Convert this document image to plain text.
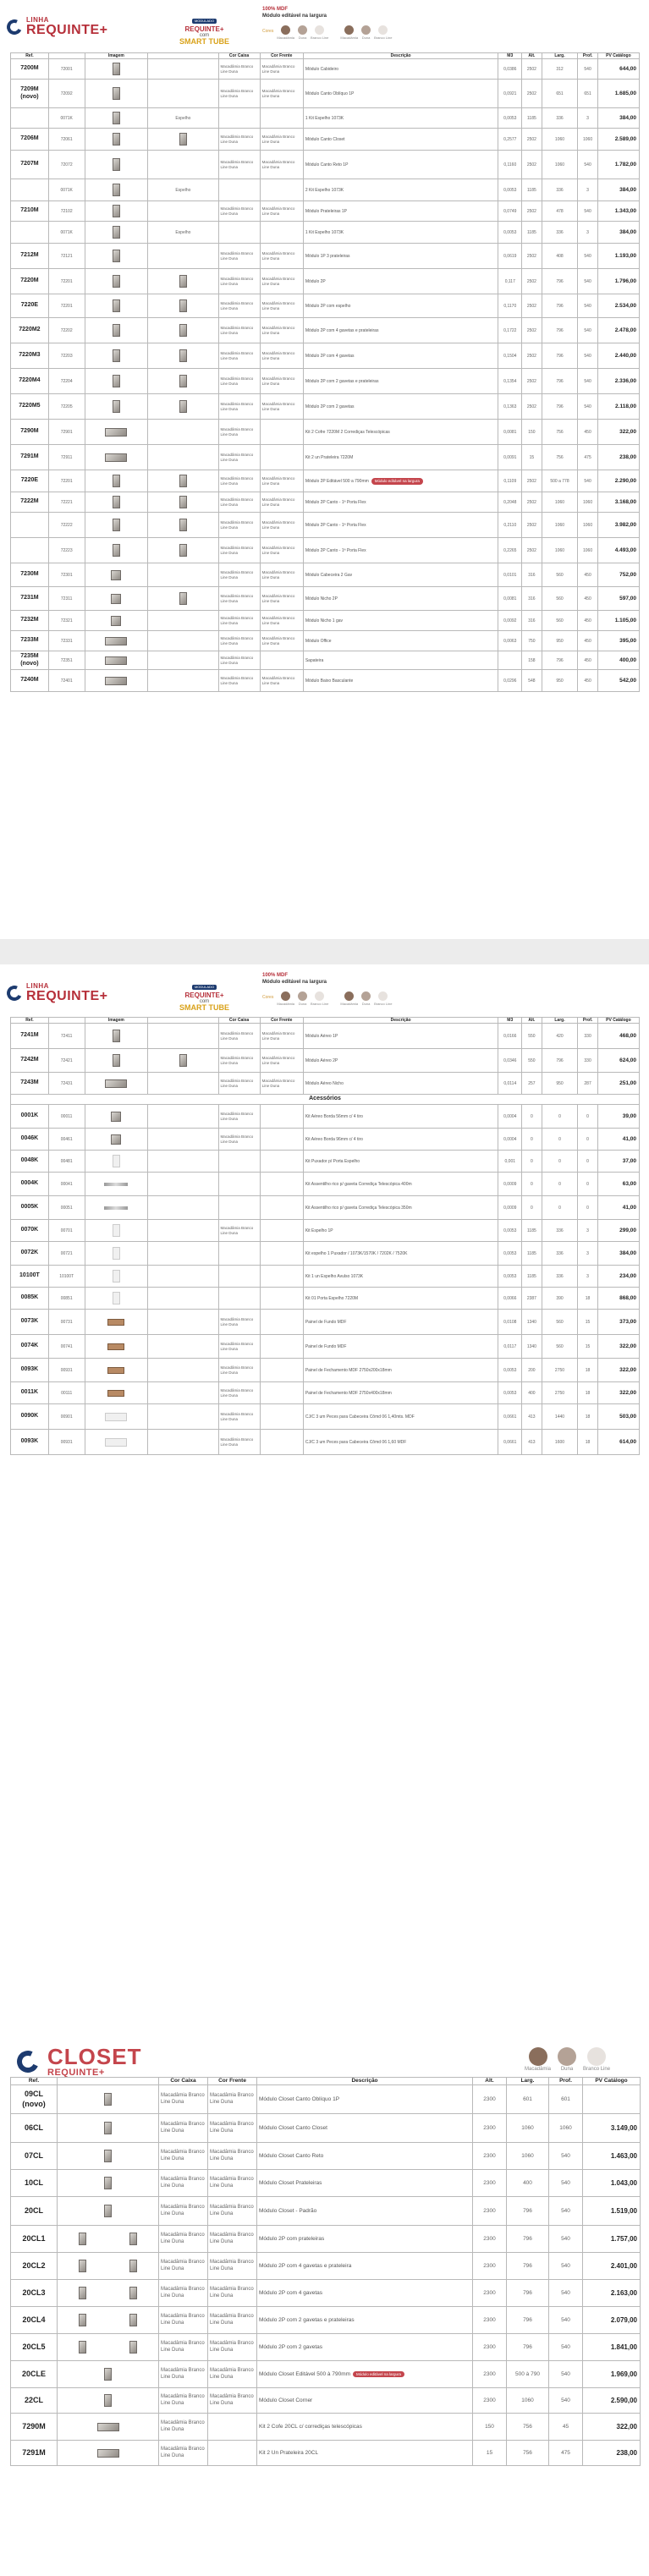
LINHA
REQUINTE+
MODULADO
REQUINTE+
com
SMART TUBE
100% MDF
Módulo editável na largura
Cores
Macadâmia Duna Branco Line	Macadâmia Duna Branco Line
Ref.		Imagem		Cor Caixa	Cor Frente	Descrição	M3	Alt.	Larg.	Prof.	PV Catálogo
7200M	72001			Macadâmia Branco Line Duna	Macadâmia Branco Line Duna	Módulo Cabideiro	0,0386	2502	312	540	644,00
7209M (novo)	72092			Macadâmia Branco Line Duna	Macadâmia Branco Line Duna	Módulo Canto Oblíquo 1P	0,0921	2502	651	651	1.685,00
	0071K		Espelho			1 Kit Espelho 1073K	0,0053	1185	336	3	384,00
7206M	72061			Macadâmia Branco Line Duna	Macadâmia Branco Line Duna	Módulo Canto Closet	0,2577	2502	1060	1060	2.589,00
7207M	72072			Macadâmia Branco Line Duna	Macadâmia Branco Line Duna	Módulo Canto Reto 1P	0,1160	2502	1060	540	1.782,00
	0071K		Espelho			2 Kit Espelho 1073K	0,0053	1185	336	3	384,00
7210M	72102			Macadâmia Branco Line Duna	Macadâmia Branco Line Duna	Módulo Prateleiras 1P	0,0749	2502	478	540	1.343,00
	0071K		Espelho			1 Kit Espelho 1073K	0,0053	1185	336	3	384,00
7212M	72121			Macadâmia Branco Line Duna	Macadâmia Branco Line Duna	Módulo 1P 3 prateleiras	0,0619	2502	408	540	1.193,00
7220M	72201			Macadâmia Branco Line Duna	Macadâmia Branco Line Duna	Módulo 2P	0,117	2502	796	540	1.796,00
7220E	72201			Macadâmia Branco Line Duna	Macadâmia Branco Line Duna	Módulo 2P com espelho	0,1170	2502	796	540	2.534,00
7220M2	72202			Macadâmia Branco Line Duna	Macadâmia Branco Line Duna	Módulo 2P com 4 gavetas e prateleiras	0,1722	2502	796	540	2.478,00
7220M3	72203			Macadâmia Branco Line Duna	Macadâmia Branco Line Duna	Módulo 2P com 4 gavetas	0,1504	2502	796	540	2.440,00
7220M4	72204			Macadâmia Branco Line Duna	Macadâmia Branco Line Duna	Módulo 2P com 2 gavetas e prateleiras	0,1354	2502	796	540	2.336,00
7220M5	72205			Macadâmia Branco Line Duna	Macadâmia Branco Line Duna	Módulo 2P com 2 gavetas	0,1363	2502	796	540	2.118,00
7290M	72901			Macadâmia Branco Line Duna		Kit 2 Cofre 7220M 2 Corrediças Telescópicas	0,0081	150	756	450	322,00
7291M	72911			Macadâmia Branco Line Duna		Kit 2 un Prateleira 7220M	0,0091	15	756	475	238,00
7220E	72201			Macadâmia Branco Line Duna	Macadâmia Branco Line Duna	Módulo 2P Editável 500 a 790mm Módulo editável na largura	0,1109	2502	500 a 778	540	2.290,00
7222M	72221			Macadâmia Branco Line Duna	Macadâmia Branco Line Duna	Módulo 2P Canto - 1ª Porta Flex	0,2048	2502	1060	1060	3.168,00
	72222			Macadâmia Branco Line Duna	Macadâmia Branco Line Duna	Módulo 2P Canto - 1ª Porta Flex	0,2110	2502	1060	1060	3.982,00
	72223			Macadâmia Branco Line Duna	Macadâmia Branco Line Duna	Módulo 2P Canto - 1ª Porta Flex	0,2265	2502	1060	1060	4.493,00
7230M	72301			Macadâmia Branco Line Duna	Macadâmia Branco Line Duna	Módulo Cabeceira 2 Gav	0,0101	316	560	450	752,00
7231M	72311			Macadâmia Branco Line Duna	Macadâmia Branco Line Duna	Módulo Nicho 2P	0,0081	316	560	450	597,00
7232M	72321			Macadâmia Branco Line Duna	Macadâmia Branco Line Duna	Módulo Nicho 1 gav	0,0092	316	560	450	1.105,00
7233M	72331			Macadâmia Branco Line Duna	Macadâmia Branco Line Duna	Módulo Office	0,0063	750	950	450	395,00
7235M (novo)	72351			Macadâmia Branco Line Duna		Sapateira		158	796	450	400,00
7240M	72401			Macadâmia Branco Line Duna	Macadâmia Branco Line Duna	Módulo Baixo Basculante	0,0296	548	950	450	542,00
LINHA
REQUINTE+
MODULADO
REQUINTE+
com
SMART TUBE
100% MDF
Módulo editável na largura
Cores
Macadâmia Duna Branco Line	Macadâmia Duna Branco Line
Ref.		Imagem		Cor Caixa	Cor Frente	Descrição	M3	Alt.	Larg.	Prof.	PV Catálogo
7241M	72411			Macadâmia Branco Line Duna	Macadâmia Branco Line Duna	Módulo Aéreo 1P	0,0166	550	420	330	468,00
7242M	72421			Macadâmia Branco Line Duna	Macadâmia Branco Line Duna	Módulo Aéreo 2P	0,0346	550	796	330	624,00
7243M	72431			Macadâmia Branco Line Duna	Macadâmia Branco Line Duna	Módulo Aéreo Nicho	0,0114	257	950	287	251,00
Acessórios											
0001K	00011			Macadâmia Branco Line Duna		Kit Aéreo Borda 56mm c/ 4 tiro	0,0004	0	0	0	39,00
0046K	00461			Macadâmia Branco Line Duna		Kit Aéreo Borda 96mm c/ 4 tiro	0,0004	0	0	0	41,00
0048K	00481					Kit Puxador p/ Porta Espelho	0,001	0	0	0	37,00
0004K	00041					Kit Assentilho rico p/ gaveta Corrediça Telescópica 400m	0,0009	0	0	0	63,00
0005K	00051					Kit Assentilho rico p/ gaveta Corrediça Telescópica 350m	0,0009	0	0	0	41,00
0070K	00701			Macadâmia Branco Line Duna		Kit Espelho 1P	0,0053	1185	336	3	299,00
0072K	00721					Kit espelho 1 Puxador / 1073K/1570K / 7202K / 7520K	0,0053	1185	336	3	384,00
10100T	10100T					Kit 1 un Espelho Avulso 1073K	0,0053	1185	336	3	234,00
0085K	00851					Kit 01 Porta Espelho 7220M	0,0066	2387	390	18	868,00
0073K	00731			Macadâmia Branco Line Duna		Painel de Fundo MDF	0,0108	1340	560	15	373,00
0074K	00741			Macadâmia Branco Line Duna		Painel de Fundo MDF	0,0117	1340	560	15	322,00
0093K	00931			Macadâmia Branco Line Duna		Painel de Fechamento MDF 2750x200x18mm	0,0053	200	2750	18	322,00
0011K	00111			Macadâmia Branco Line Duna		Painel de Fechamento MDF 2750x400x18mm	0,0053	400	2750	18	322,00
0090K	00901			Macadâmia Branco Line Duna		CJ/C 3 um Peces para Cabeceira Cômd 06 1,40mts. MDF	0,0661	413	1440	18	503,00
0093K	00931			Macadâmia Branco Line Duna		CJ/C 3 um Peces para Cabeceira Cômd 06 1,60 MDF	0,0661	413	1600	18	614,00
CLOSET
REQUINTE+	Macadâmia	Duna	Branco Line
Ref.		Cor Caixa	Cor Frente	Descrição	Alt.	Larg.	Prof.	PV Catálogo
09CL (novo)		Macadâmia Branco Line Duna	Macadâmia Branco Line Duna	Módulo Closet Canto Oblíquo 1P	2300	601	601	
06CL		Macadâmia Branco Line Duna	Macadâmia Branco Line Duna	Módulo Closet Canto Closet	2300	1060	1060	3.149,00
07CL		Macadâmia Branco Line Duna	Macadâmia Branco Line Duna	Módulo Closet Canto Reto	2300	1060	540	1.463,00
10CL		Macadâmia Branco Line Duna	Macadâmia Branco Line Duna	Módulo Closet Prateleiras	2300	400	540	1.043,00
20CL		Macadâmia Branco Line Duna	Macadâmia Branco Line Duna	Módulo Closet - Padrão	2300	796	540	1.519,00
20CL1		Macadâmia Branco Line Duna	Macadâmia Branco Line Duna	Módulo 2P com prateleiras	2300	796	540	1.757,00
20CL2		Macadâmia Branco Line Duna	Macadâmia Branco Line Duna	Módulo 2P com 4 gavetas e prateleira	2300	796	540	2.401,00
20CL3		Macadâmia Branco Line Duna	Macadâmia Branco Line Duna	Módulo 2P com 4 gavetas	2300	796	540	2.163,00
20CL4		Macadâmia Branco Line Duna	Macadâmia Branco Line Duna	Módulo 2P com 2 gavetas e prateleiras	2300	796	540	2.079,00
20CL5		Macadâmia Branco Line Duna	Macadâmia Branco Line Duna	Módulo 2P com 2 gavetas	2300	796	540	1.841,00
20CLE		Macadâmia Branco Line Duna	Macadâmia Branco Line Duna	Módulo Closet Editável 500 à 790mm Módulo editável na largura	2300	500 à 790	540	1.969,00
22CL		Macadâmia Branco Line Duna	Macadâmia Branco Line Duna	Módulo Closet Corner	2300	1060	540	2.590,00
7290M		Macadâmia Branco Line Duna		Kit 2 Cofe 20CL c/ corrediças telescópicas	150	756	45	322,00
7291M		Macadâmia Branco Line Duna		Kit 2 Un Prateleira 20CL	15	756	475	238,00
